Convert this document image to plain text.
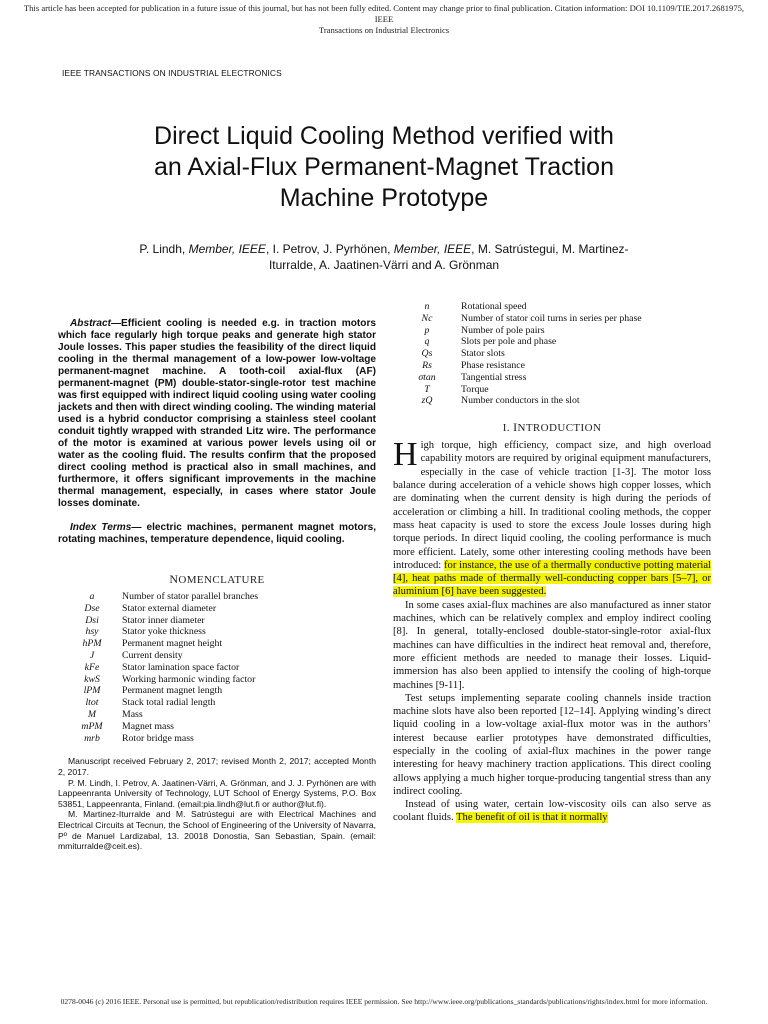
This article has been accepted for publication in a future issue of this journal, but has not been fully edited. Content may change prior to final publication. Citation information: DOI 10.1109/TIE.2017.2681975, IEEE
Transactions on Industrial Electronics
IEEE TRANSACTIONS ON INDUSTRIAL ELECTRONICS
Direct Liquid Cooling Method verified with
an Axial-Flux Permanent-Magnet Traction
Machine Prototype
P. Lindh, Member, IEEE, I. Petrov, J. Pyrhönen, Member, IEEE, M. Satrústegui, M. Martinez-
Iturralde, A. Jaatinen-Värri and A. Grönman

Abstract—Efficient cooling is needed e.g. in traction motors which face regularly high torque peaks and generate high stator Joule losses. This paper studies the feasibility of the direct liquid cooling in the thermal management of a low-power low-voltage permanent-magnet machine. A tooth-coil axial-flux (AF) permanent-magnet (PM) double-stator-single-rotor test machine was first equipped with indirect liquid cooling using water cooling jackets and then with direct winding cooling. The winding material used is a hybrid conductor comprising a stainless steel coolant conduit tightly wrapped with stranded Litz wire. The performance of the motor is examined at various power levels using oil or water as the cooling fluid. The results confirm that the proposed direct cooling method is practical also in small machines, and furthermore, it offers significant improvements in the machine thermal management, especially, in cases where stator Joule losses dominate.

Index Terms— electric machines, permanent magnet motors, rotating machines, temperature dependence, liquid cooling.

NOMENCLATURE

a	Number of stator parallel branches
Dse	Stator external diameter
Dsi	Stator inner diameter
hsy	Stator yoke thickness
hPM	Permanent magnet height
J	Current density
kFe	Stator lamination space factor
kwS	Working harmonic winding factor
lPM	Permanent magnet length
ltot	Stack total radial length
M	Mass
mPM	Magnet mass
mrb	Rotor bridge mass

Manuscript received February 2, 2017; revised Month 2, 2017; accepted Month 2, 2017.

P. M. Lindh, I. Petrov, A. Jaatinen-Värri, A. Grönman, and J. J. Pyrhönen are with Lappeenranta University of Technology, LUT School of Energy Systems, P.O. Box 53851, Lappeenranta, Finland. (email:pia.lindh@lut.fi or author@lut.fi).

M. Martinez-Iturralde and M. Satrústegui are with Electrical Machines and Electrical Circuits at Tecnun, the School of Engineering of the University of Navarra, Pº de Manuel Lardizabal, 13. 20018 Donostia, San Sebastian, Spain. (email: mmiturralde@ceit.es).

n	Rotational speed
Nc	Number of stator coil turns in series per phase
p	Number of pole pairs
q	Slots per pole and phase
Qs	Stator slots
Rs	Phase resistance
σtan	Tangential stress
T	Torque
zQ	Number conductors in the slot

I. INTRODUCTION

High torque, high efficiency, compact size, and high overload capability motors are required by original equipment manufacturers, especially in the case of vehicle traction [1-3]. The motor loss balance during acceleration of a vehicle shows high copper losses, which are dominating when the current density is high during the periods of acceleration or climbing a hill. In traditional cooling methods, the copper mass heat capacity is used to store the excess Joule losses during high torque periods. In direct liquid cooling, the cooling performance is much more efficient. Lately, some other interesting cooling methods have been introduced: for instance, the use of a thermally conductive potting material [4], heat paths made of thermally well-conducting copper bars [5–7], or aluminium [6] have been suggested.

In some cases axial-flux machines are also manufactured as inner stator machines, which can be relatively complex and employ indirect cooling [8]. In general, totally-enclosed double-stator-single-rotor axial-flux machines can have difficulties in the indirect heat removal and, therefore, more efficient methods are needed to manage their losses. Liquid-immersion has also been applied to intensify the cooling of high-torque machines [9-11].

Test setups implementing separate cooling channels inside traction machine slots have also been reported [12–14]. Applying winding’s direct liquid cooling in a low-voltage axial-flux motor was in the authors’ interest because earlier prototypes have demonstrated difficulties, especially in the cooling of axial-flux machines in the power range interesting for heavy machinery traction applications. This direct cooling allows applying a much higher torque-producing tangential stress than any indirect cooling.

Instead of using water, certain low-viscosity oils can also serve as coolant fluids. The benefit of oil is that it normally

0278-0046 (c) 2016 IEEE. Personal use is permitted, but republication/redistribution requires IEEE permission. See http://www.ieee.org/publications_standards/publications/rights/index.html for more information.
